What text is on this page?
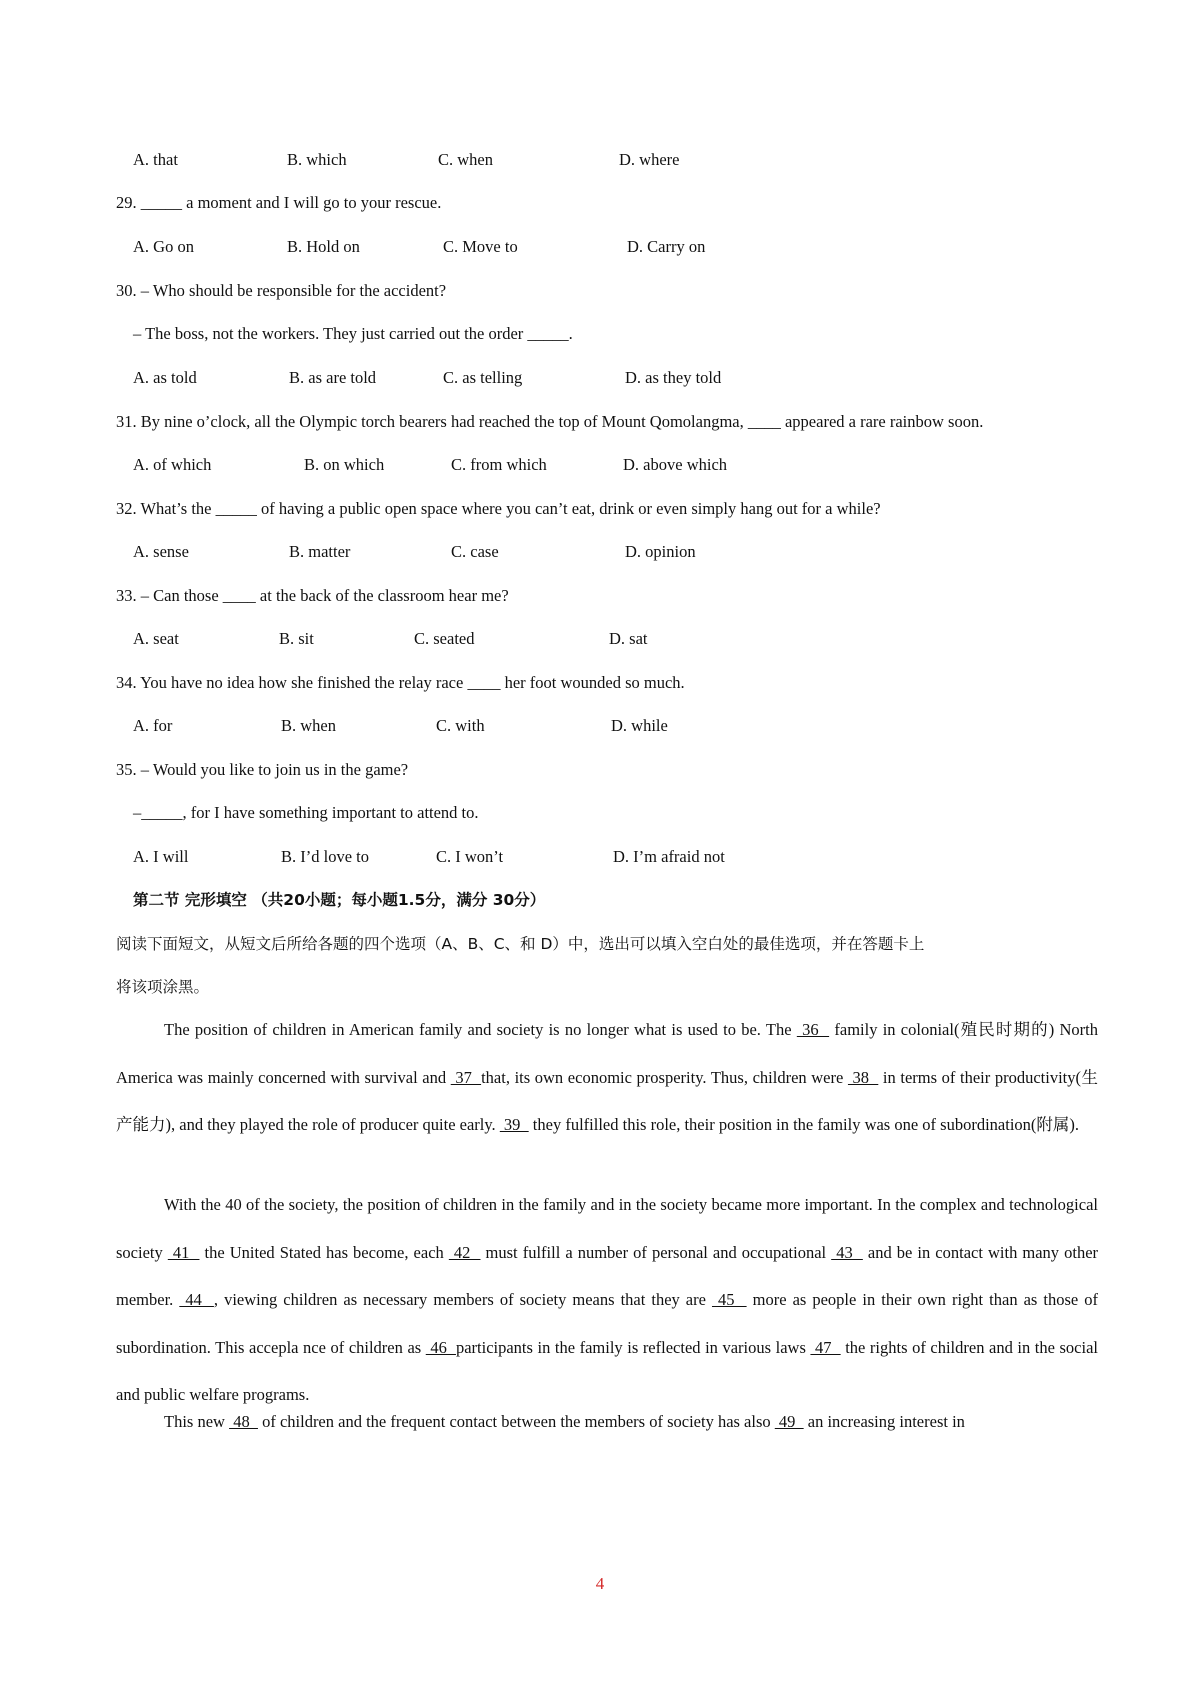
A. that	B. which	C. when	D. where
29. _____ a moment and I will go to your rescue.
A. Go on	B. Hold on	C. Move to	D. Carry on
30. – Who should be responsible for the accident?
– The boss, not the workers. They just carried out the order _____.
A. as told	B. as are told	C. as telling	D. as they told
31. By nine o’clock, all the Olympic torch bearers had reached the top of Mount Qomolangma, ____ appeared a rare rainbow soon.
A. of which	B. on which	C. from which	D. above which
32. What’s the _____ of having a public open space where you can’t eat, drink or even simply hang out for a while?
A. sense	B. matter	C. case	D. opinion
33. – Can those ____ at the back of the classroom hear me?
A. seat	B. sit	C. seated	D. sat
34. You have no idea how she finished the relay race ____ her foot wounded so much.
A. for	B. when	C. with	D. while
35. – Would you like to join us in the game?
–_____, for I have something important to attend to.
A. I will	B. I’d love to	C. I won’t	D. I’m afraid not
第二节 完形填空 （共20小题；每小题1.5分，满分 30分）
阅读下面短文，从短文后所给各题的四个选项（A、B、C、和 D）中，选出可以填入空白处的最佳选项，并在答题卡上
将该项涂黑。
The position of children in American family and society is no longer what is used to be. The  36   family in colonial(殖民时期的) North America was mainly concerned with survival and  37  that, its own economic prosperity. Thus, children were  38   in terms of their productivity(生产能力), and they played the role of producer quite early.  39   they fulfilled this role, their position in the family was one of subordination(附属).
With the 40 of the society, the position of children in the family and in the society became more important. In the complex and technological society  41   the United Stated has become, each  42   must fulfill a number of personal and occupational  43   and be in contact with many other member.  44  , viewing children as necessary members of society means that they are  45   more as people in their own right than as those of subordination. This accepla nce of children as  46  participants in the family is reflected in various laws  47   the rights of children and in the social and public welfare programs.
This new  48   of children and the frequent contact between the members of society has also  49   an increasing interest in
4
